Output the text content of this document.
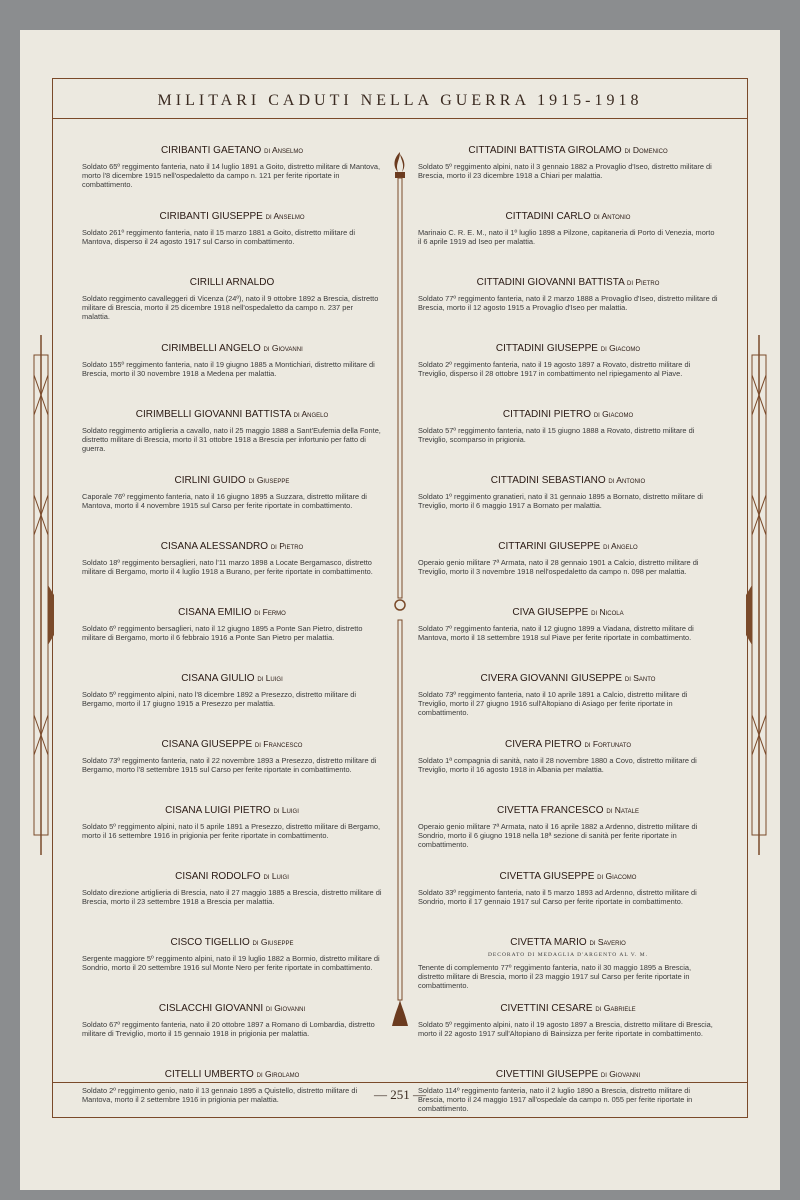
MILITARI CADUTI NELLA GUERRA 1915-1918
CIRIBANTI GAETANO di Anselmo
Soldato 65º reggimento fanteria, nato il 14 luglio 1891 a Goito, distretto militare di Mantova, morto l'8 dicembre 1915 nell'ospedaletto da campo n. 121 per ferite riportate in combattimento.
CIRIBANTI GIUSEPPE di Anselmo
Soldato 261º reggimento fanteria, nato il 15 marzo 1881 a Goito, distretto militare di Mantova, disperso il 24 agosto 1917 sul Carso in combattimento.
CIRILLI ARNALDO
Soldato reggimento cavalleggeri di Vicenza (24º), nato il 9 ottobre 1892 a Brescia, distretto militare di Brescia, morto il 25 dicembre 1918 nell'ospedaletto da campo n. 237 per malattia.
CIRIMBELLI ANGELO di Giovanni
Soldato 155º reggimento fanteria, nato il 19 giugno 1885 a Montichiari, distretto militare di Brescia, morto il 30 novembre 1918 a Medena per malattia.
CIRIMBELLI GIOVANNI BATTISTA di Angelo
Soldato reggimento artiglieria a cavallo, nato il 25 maggio 1888 a Sant'Eufemia della Fonte, distretto militare di Brescia, morto il 31 ottobre 1918 a Brescia per infortunio per fatto di guerra.
CIRLINI GUIDO di Giuseppe
Caporale 76º reggimento fanteria, nato il 16 giugno 1895 a Suzzara, distretto militare di Mantova, morto il 4 novembre 1915 sul Carso per ferite riportate in combattimento.
CISANA ALESSANDRO di Pietro
Soldato 18º reggimento bersaglieri, nato l'11 marzo 1898 a Locate Bergamasco, distretto militare di Bergamo, morto il 4 luglio 1918 a Burano, per ferite riportate in combattimento.
CISANA EMILIO di Fermo
Soldato 6º reggimento bersaglieri, nato il 12 giugno 1895 a Ponte San Pietro, distretto militare di Bergamo, morto il 6 febbraio 1916 a Ponte San Pietro per malattia.
CISANA GIULIO di Luigi
Soldato 5º reggimento alpini, nato l'8 dicembre 1892 a Presezzo, distretto militare di Bergamo, morto il 17 giugno 1915 a Presezzo per malattia.
CISANA GIUSEPPE di Francesco
Soldato 73º reggimento fanteria, nato il 22 novembre 1893 a Presezzo, distretto militare di Bergamo, morto l'8 settembre 1915 sul Carso per ferite riportate in combattimento.
CISANA LUIGI PIETRO di Luigi
Soldato 5º reggimento alpini, nato il 5 aprile 1891 a Presezzo, distretto militare di Bergamo, morto il 16 settembre 1916 in prigionia per ferite riportate in combattimento.
CISANI RODOLFO di Luigi
Soldato direzione artiglieria di Brescia, nato il 27 maggio 1885 a Brescia, distretto militare di Brescia, morto il 23 settembre 1918 a Brescia per malattia.
CISCO TIGELLIO di Giuseppe
Sergente maggiore 5º reggimento alpini, nato il 19 luglio 1882 a Bormio, distretto militare di Sondrio, morto il 20 settembre 1916 sul Monte Nero per ferite riportate in combattimento.
CISLACCHI GIOVANNI di Giovanni
Soldato 67º reggimento fanteria, nato il 20 ottobre 1897 a Romano di Lombardia, distretto militare di Treviglio, morto il 15 gennaio 1918 in prigionia per malattia.
CITELLI UMBERTO di Girolamo
Soldato 2º reggimento genio, nato il 13 gennaio 1895 a Quistello, distretto militare di Mantova, morto il 2 settembre 1916 in prigionia per malattia.
CITTADINI BATTISTA GIROLAMO di Domenico
Soldato 5º reggimento alpini, nato il 3 gennaio 1882 a Provaglio d'Iseo, distretto militare di Brescia, morto il 23 dicembre 1918 a Chiari per malattia.
CITTADINI CARLO di Antonio
Marinaio C. R. E. M., nato il 1º luglio 1898 a Pilzone, capitaneria di Porto di Venezia, morto il 6 aprile 1919 ad Iseo per malattia.
CITTADINI GIOVANNI BATTISTA di Pietro
Soldato 77º reggimento fanteria, nato il 2 marzo 1888 a Provaglio d'Iseo, distretto militare di Brescia, morto il 12 agosto 1915 a Provaglio d'Iseo per malattia.
CITTADINI GIUSEPPE di Giacomo
Soldato 2º reggimento fanteria, nato il 19 agosto 1897 a Rovato, distretto militare di Treviglio, disperso il 28 ottobre 1917 in combattimento nel ripiegamento al Piave.
CITTADINI PIETRO di Giacomo
Soldato 57º reggimento fanteria, nato il 15 giugno 1888 a Rovato, distretto militare di Treviglio, scomparso in prigionia.
CITTADINI SEBASTIANO di Antonio
Soldato 1º reggimento granatieri, nato il 31 gennaio 1895 a Bornato, distretto militare di Treviglio, morto il 6 maggio 1917 a Bornato per malattia.
CITTARINI GIUSEPPE di Angelo
Operaio genio militare 7ª Armata, nato il 28 gennaio 1901 a Calcio, distretto militare di Treviglio, morto il 3 novembre 1918 nell'ospedaletto da campo n. 098 per malattia.
CIVA GIUSEPPE di Nicola
Soldato 7º reggimento fanteria, nato il 12 giugno 1899 a Viadana, distretto militare di Mantova, morto il 18 settembre 1918 sul Piave per ferite riportate in combattimento.
CIVERA GIOVANNI GIUSEPPE di Santo
Soldato 73º reggimento fanteria, nato il 10 aprile 1891 a Calcio, distretto militare di Treviglio, morto il 27 giugno 1916 sull'Altopiano di Asiago per ferite riportate in combattimento.
CIVERA PIETRO di Fortunato
Soldato 1ª compagnia di sanità, nato il 28 novembre 1880 a Covo, distretto militare di Treviglio, morto il 16 agosto 1918 in Albania per malattia.
CIVETTA FRANCESCO di Natale
Operaio genio militare 7ª Armata, nato il 16 aprile 1882 a Ardenno, distretto militare di Sondrio, morto il 6 giugno 1918 nella 18ª sezione di sanità per ferite riportate in combattimento.
CIVETTA GIUSEPPE di Giacomo
Soldato 33º reggimento fanteria, nato il 5 marzo 1893 ad Ardenno, distretto militare di Sondrio, morto il 17 gennaio 1917 sul Carso per ferite riportate in combattimento.
CIVETTA MARIO di Saverio
DECORATO DI MEDAGLIA D'ARGENTO AL V. M.
Tenente di complemento 77º reggimento fanteria, nato il 30 maggio 1895 a Brescia, distretto militare di Brescia, morto il 23 maggio 1917 sul Carso per ferite riportate in combattimento.
CIVETTINI CESARE di Gabriele
Soldato 5º reggimento alpini, nato il 19 agosto 1897 a Brescia, distretto militare di Brescia, morto il 22 agosto 1917 sull'Altopiano di Bainsizza per ferite riportate in combattimento.
CIVETTINI GIUSEPPE di Giovanni
Soldato 114º reggimento fanteria, nato il 2 luglio 1890 a Brescia, distretto militare di Brescia, morto il 24 maggio 1917 all'ospedale da campo n. 055 per ferite riportate in combattimento.
— 251 —
